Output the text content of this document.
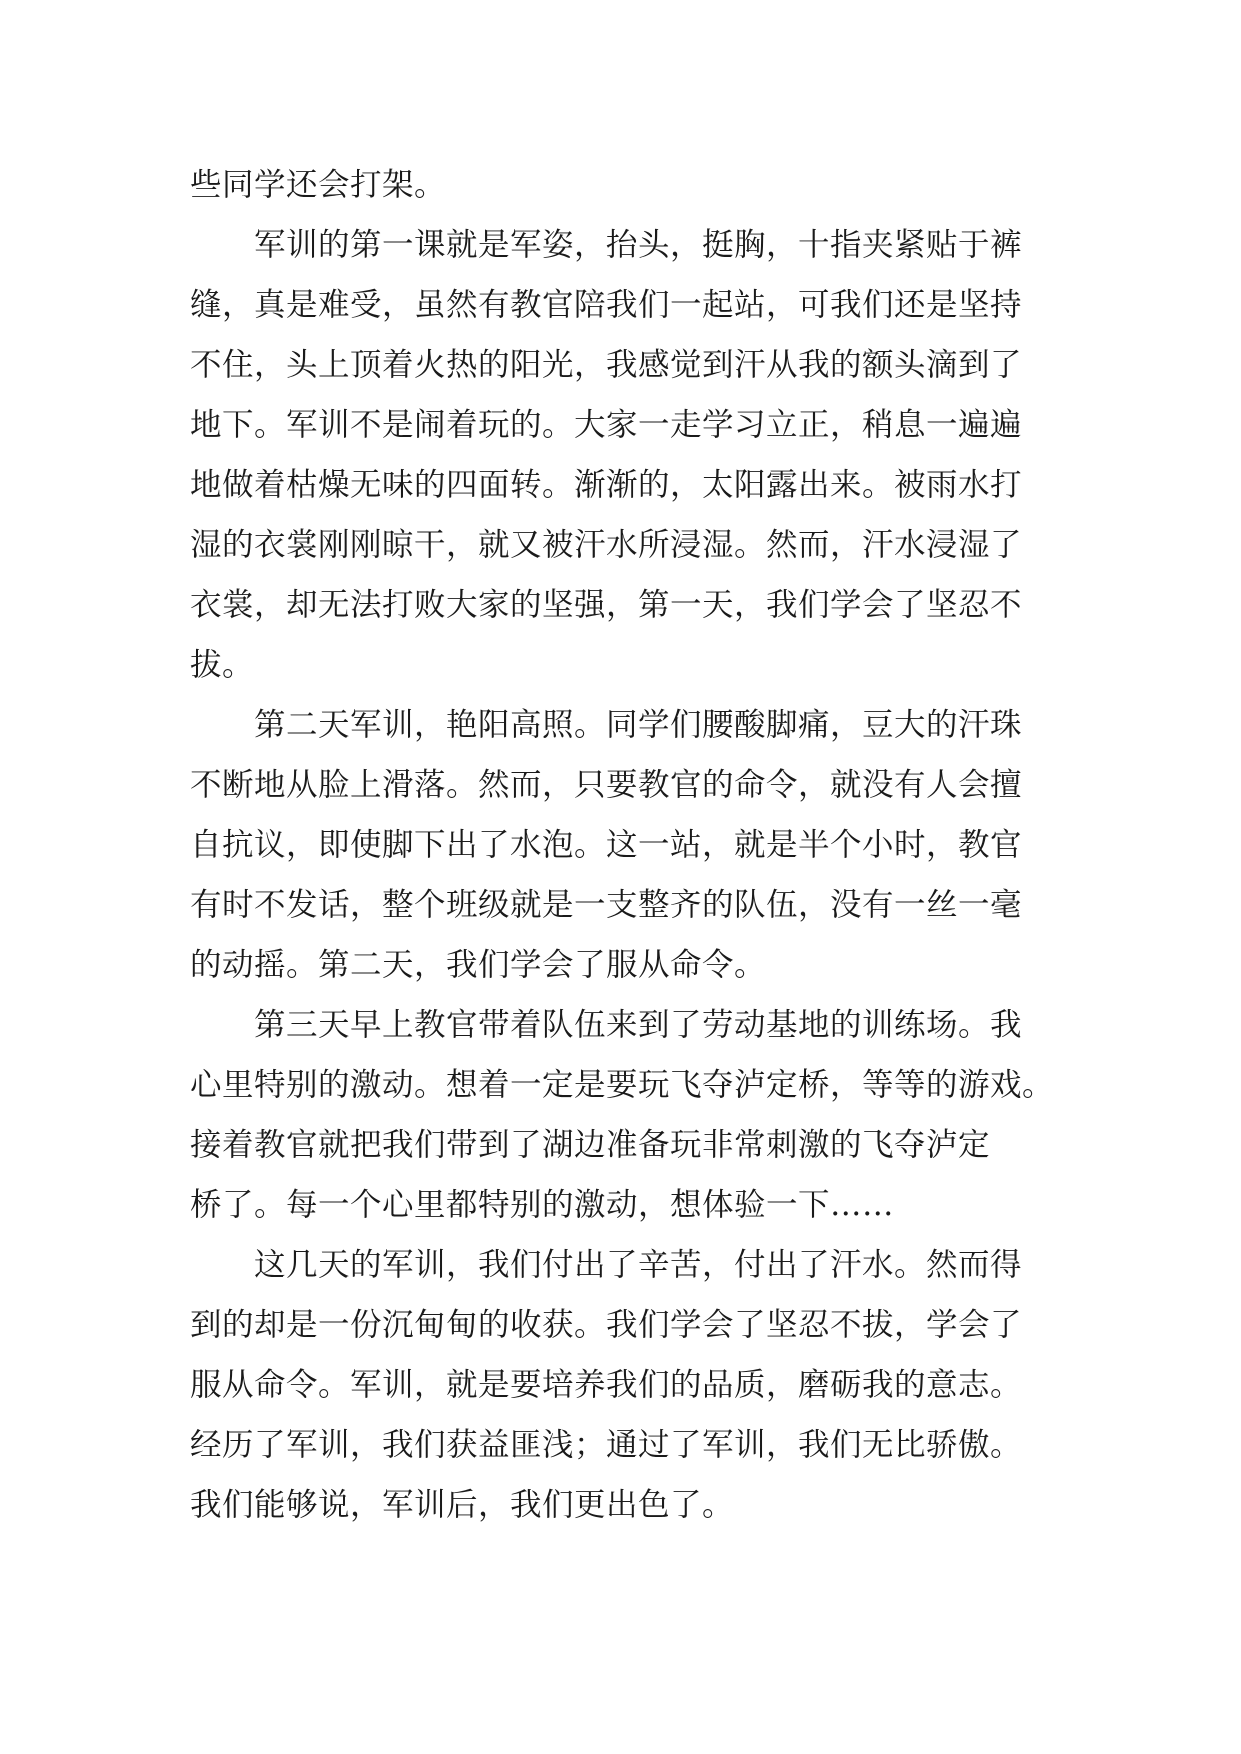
些同学还会打架。
　　军训的第一课就是军姿，抬头，挺胸，十指夹紧贴于裤
缝，真是难受，虽然有教官陪我们一起站，可我们还是坚持
不住，头上顶着火热的阳光，我感觉到汗从我的额头滴到了
地下。军训不是闹着玩的。大家一走学习立正，稍息一遍遍
地做着枯燥无味的四面转。渐渐的，太阳露出来。被雨水打
湿的衣裳刚刚晾干，就又被汗水所浸湿。然而，汗水浸湿了
衣裳，却无法打败大家的坚强，第一天，我们学会了坚忍不
拔。
　　第二天军训，艳阳高照。同学们腰酸脚痛，豆大的汗珠
不断地从脸上滑落。然而，只要教官的命令，就没有人会擅
自抗议，即使脚下出了水泡。这一站，就是半个小时，教官
有时不发话，整个班级就是一支整齐的队伍，没有一丝一毫
的动摇。第二天，我们学会了服从命令。
　　第三天早上教官带着队伍来到了劳动基地的训练场。我
心里特别的激动。想着一定是要玩飞夺泸定桥，等等的游戏。
接着教官就把我们带到了湖边准备玩非常刺激的飞夺泸定
桥了。每一个心里都特别的激动，想体验一下……
　　这几天的军训，我们付出了辛苦，付出了汗水。然而得
到的却是一份沉甸甸的收获。我们学会了坚忍不拔，学会了
服从命令。军训，就是要培养我们的品质，磨砺我的意志。
经历了军训，我们获益匪浅；通过了军训，我们无比骄傲。
我们能够说，军训后，我们更出色了。
